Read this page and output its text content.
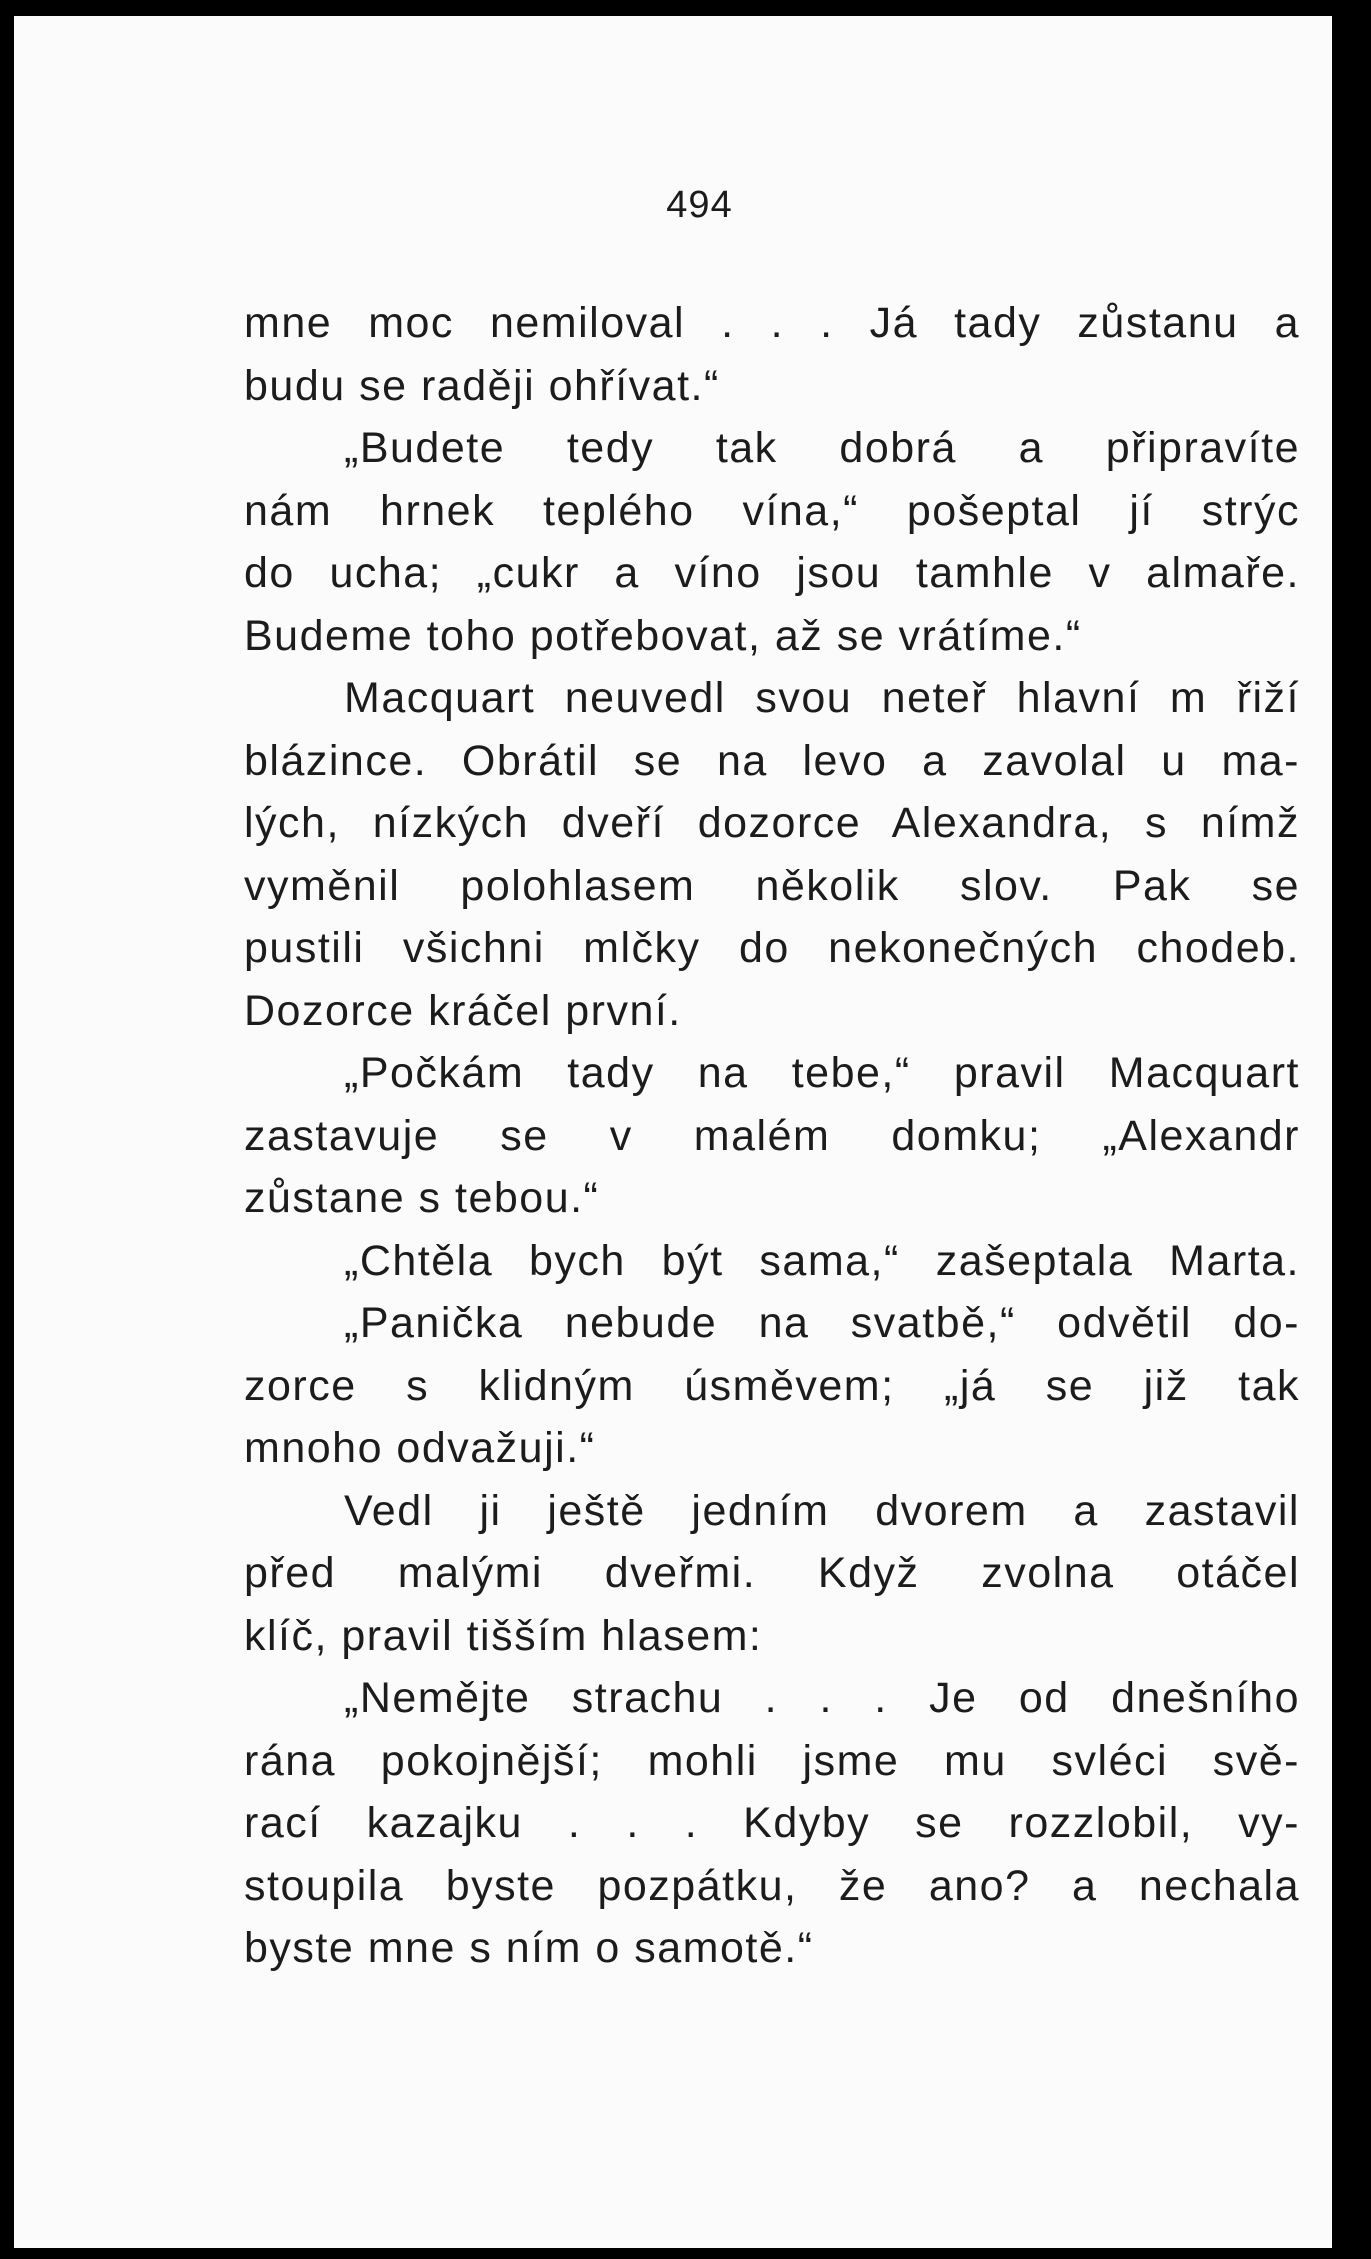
494
mne moc nemiloval . . . Já tady zůstanu a
budu se raději ohřívat.“
„Budete tedy tak dobrá a připravíte
nám hrnek teplého vína,“ pošeptal jí strýc
do ucha; „cukr a víno jsou tamhle v almaře.
Budeme toho potřebovat, až se vrátíme.“
Macquart neuvedl svou neteř hlavní m řiží
blázince. Obrátil se na levo a zavolal u ma-
lých, nízkých dveří dozorce Alexandra, s nímž
vyměnil polohlasem několik slov. Pak se
pustili všichni mlčky do nekonečných chodeb.
Dozorce kráčel první.
„Počkám tady na tebe,“ pravil Macquart
zastavuje se v malém domku; „Alexandr
zůstane s tebou.“
„Chtěla bych být sama,“ zašeptala Marta.
„Panička nebude na svatbě,“ odvětil do-
zorce s klidným úsměvem; „já se již tak
mnoho odvažuji.“
Vedl ji ještě jedním dvorem a zastavil
před malými dveřmi. Když zvolna otáčel
klíč, pravil tišším hlasem:
„Nemějte strachu . . . Je od dnešního
rána pokojnější; mohli jsme mu svléci svě-
rací kazajku . . . Kdyby se rozzlobil, vy-
stoupila byste pozpátku, že ano? a nechala
byste mne s ním o samotě.“
